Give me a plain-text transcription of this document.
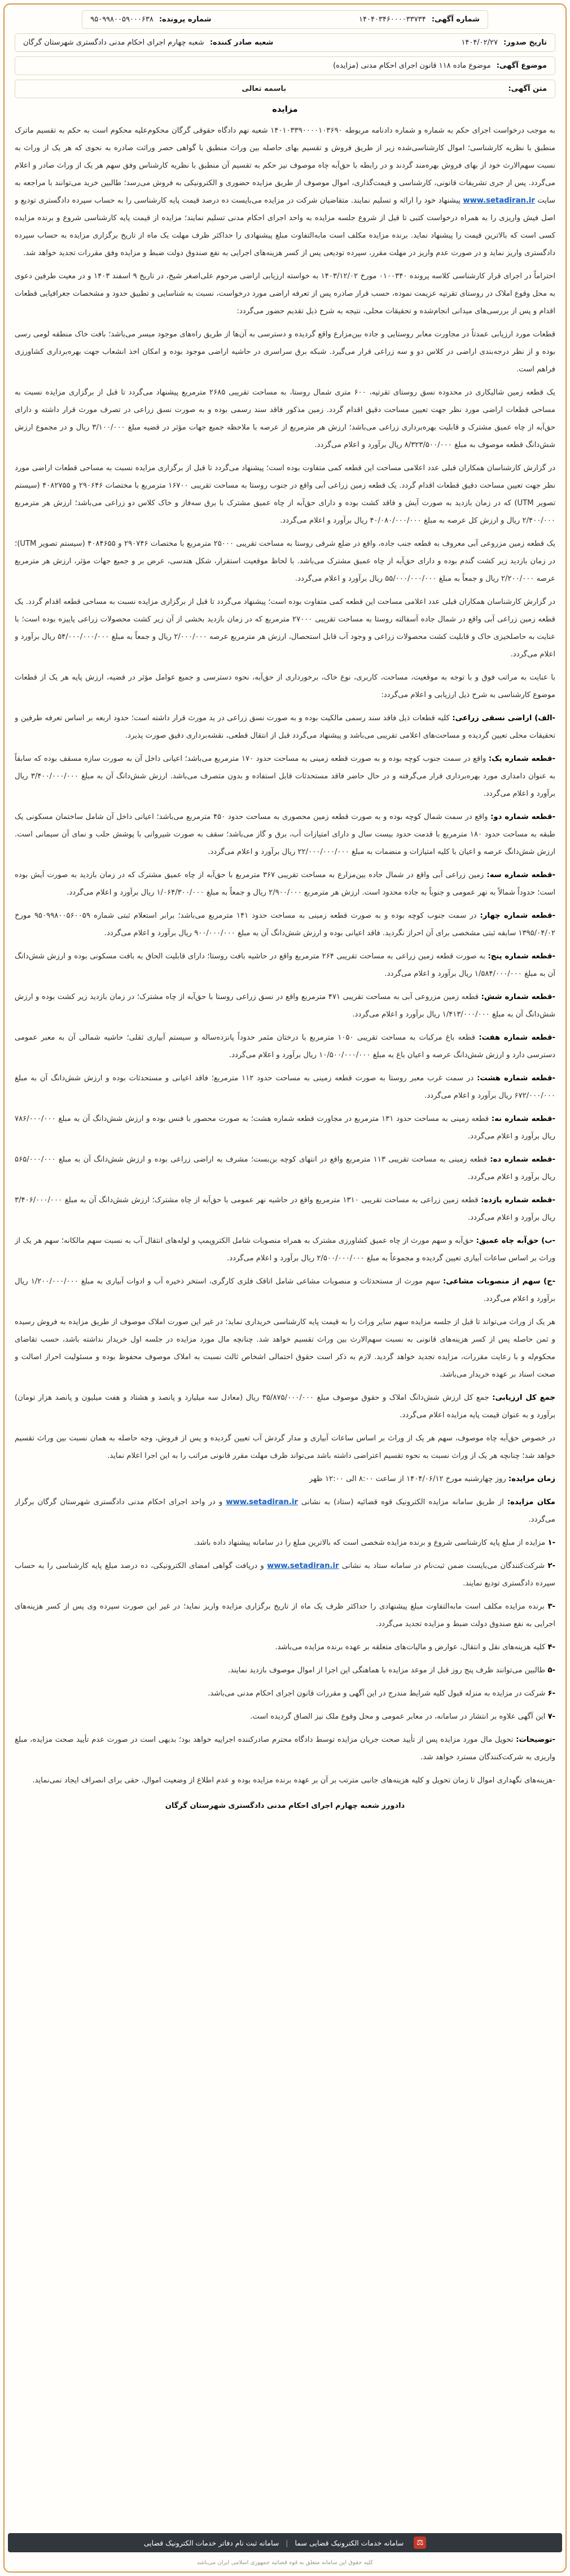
شماره آگهی: ۱۴۰۴۰۳۴۶۰۰۰۰۳۳۷۳۴
شماره پرونده: ۹۵۰۹۹۸۰۰۵۹۰۰۰۶۳۸
تاریخ صدور: ۱۴۰۴/۰۲/۲۷
شعبه صادر کننده: شعبه چهارم اجرای احکام مدنی دادگستری شهرستان گرگان
موضوع آگهی: موضوع ماده ۱۱۸ قانون اجرای احکام مدنی (مزایده)
متن آگهی:
باسمه تعالی
مزایده

به موجب درخواست اجرای حکم به شماره و شماره دادنامه مربوطه ۱۴۰۱۰۳۳۹۰۰۰۰۱۰۳۶۹۰ شعبه نهم دادگاه حقوقی گرگان محکوم‌علیه محکوم است به حکم به تقسیم ماترک منطبق با نظریه کارشناسی؛ اموال کارشناسی‌شده زیر از طریق فروش و تقسیم بهای حاصله بین وراث منطبق با گواهی حصر وراثت صادره به نحوی که هر یک از وراث به نسبت سهم‌الارث خود از بهای فروش بهره‌مند گردند و در رابطه با حق‌آبه چاه موصوف نیز حکم به تقسیم آن منطبق با نظریه کارشناس وفق سهم هر یک از وراث صادر و اعلام می‌گردد. پس از جری تشریفات قانونی، کارشناسی و قیمت‌گذاری، اموال موصوف از طریق مزایده حضوری و الکترونیکی به فروش می‌رسد؛ طالبین خرید می‌توانند با مراجعه به سایت www.setadiran.ir پیشنهاد خود را ارائه و تسلیم نمایند. متقاضیان شرکت در مزایده می‌بایست ده درصد قیمت پایه کارشناسی را به حساب سپرده دادگستری تودیع و اصل فیش واریزی را به همراه درخواست کتبی تا قبل از شروع جلسه مزایده به واحد اجرای احکام مدنی تسلیم نمایند؛ مزایده از قیمت پایه کارشناسی شروع و برنده مزایده کسی است که بالاترین قیمت را پیشنهاد نماید. برنده مزایده مکلف است مابه‌التفاوت مبلغ پیشنهادی را حداکثر ظرف مهلت یک ماه از تاریخ برگزاری مزایده به حساب سپرده دادگستری واریز نماید و در صورت عدم واریز در مهلت مقرر، سپرده تودیعی پس از کسر هزینه‌های اجرایی به نفع صندوق دولت ضبط و مزایده وفق مقررات تجدید خواهد شد.

احتراماً در اجرای قرار کارشناسی کلاسه پرونده ۰۱۰۰۳۴۰ مورخ ۱۴۰۳/۱۲/۰۲ به خواسته ارزیابی اراضی مرحوم علی‌اصغر شیخ، در تاریخ ۹ اسفند ۱۴۰۳ و در معیت طرفین دعوی به محل وقوع املاک در روستای تقرتپه عزیمت نموده، حسب قرار صادره پس از تعرفه اراضی مورد درخواست، نسبت به شناسایی و تطبیق حدود و مشخصات جغرافیایی قطعات اقدام و پس از بررسی‌های میدانی انجام‌شده و تحقیقات محلی، نتیجه به شرح ذیل تقدیم حضور می‌گردد:

قطعات مورد ارزیابی عمدتاً در مجاورت معابر روستایی و جاده بین‌مزارع واقع گردیده و دسترسی به آن‌ها از طریق راه‌های موجود میسر می‌باشد؛ بافت خاک منطقه لومی رسی بوده و از نظر درجه‌بندی اراضی در کلاس دو و سه زراعی قرار می‌گیرد. شبکه برق سراسری در حاشیه اراضی موجود بوده و امکان اخذ انشعاب جهت بهره‌برداری کشاورزی فراهم است.

یک قطعه زمین شالیکاری در محدوده نسق روستای تقرتپه، ۶۰۰ متری شمال روستا، به مساحت تقریبی ۲۶۸۵ مترمربع پیشنهاد می‌گردد تا قبل از برگزاری مزایده نسبت به مساحی قطعات اراضی مورد نظر جهت تعیین مساحت دقیق اقدام گردد. زمین مذکور فاقد سند رسمی بوده و به صورت نسق زراعی در تصرف مورث قرار داشته و دارای حق‌آبه از چاه عمیق مشترک و قابلیت بهره‌برداری زراعی می‌باشد؛ ارزش هر مترمربع از عرصه با ملاحظه جمیع جهات مؤثر در قضیه مبلغ ۳/۱۰۰/۰۰۰ ریال و در مجموع ارزش شش‌دانگ قطعه موصوف به مبلغ ۸/۳۲۳/۵۰۰/۰۰۰ ریال برآورد و اعلام می‌گردد.

در گزارش کارشناسان همکاران قبلی عدد اعلامی مساحت این قطعه کمی متفاوت بوده است؛ پیشنهاد می‌گردد تا قبل از برگزاری مزایده نسبت به مساحی قطعات اراضی مورد نظر جهت تعیین مساحت دقیق قطعات اقدام گردد. یک قطعه زمین زراعی آبی واقع در جنوب روستا به مساحت تقریبی ۱۶۷۰۰ مترمربع با مختصات ۲۹۰۶۴۶ و ۴۰۸۲۷۵۵ (سیستم تصویر UTM) که در زمان بازدید به صورت آیش و فاقد کشت بوده و دارای حق‌آبه از چاه عمیق مشترک با برق سه‌فاز و خاک کلاس دو زراعی می‌باشد؛ ارزش هر مترمربع ۲/۴۰۰/۰۰۰ ریال و ارزش کل عرصه به مبلغ ۴۰/۰۸۰/۰۰۰/۰۰۰ ریال برآورد و اعلام می‌گردد.

یک قطعه زمین مزروعی آبی معروف به قطعه جنب جاده، واقع در ضلع شرقی روستا به مساحت تقریبی ۲۵۰۰۰ مترمربع با مختصات ۲۹۰۷۴۶ و ۴۰۸۴۶۵۵ (سیستم تصویر UTM)؛ در زمان بازدید زیر کشت گندم بوده و دارای حق‌آبه از چاه عمیق مشترک می‌باشد. با لحاظ موقعیت استقرار، شکل هندسی، عرض بر و جمیع جهات مؤثر، ارزش هر مترمربع عرصه ۲/۲۰۰/۰۰۰ ریال و جمعاً به مبلغ ۵۵/۰۰۰/۰۰۰/۰۰۰ ریال برآورد و اعلام می‌گردد.

در گزارش کارشناسان همکاران قبلی عدد اعلامی مساحت این قطعه کمی متفاوت بوده است؛ پیشنهاد می‌گردد تا قبل از برگزاری مزایده نسبت به مساحی قطعه اقدام گردد. یک قطعه زمین زراعی آبی واقع در شمال جاده آسفالته روستا به مساحت تقریبی ۲۷۰۰۰ مترمربع که در زمان بازدید بخشی از آن زیر کشت محصولات زراعی پاییزه بوده است؛ با عنایت به حاصلخیزی خاک و قابلیت کشت محصولات زراعی و وجود آب قابل استحصال، ارزش هر مترمربع عرصه ۲/۰۰۰/۰۰۰ ریال و جمعاً به مبلغ ۵۴/۰۰۰/۰۰۰/۰۰۰ ریال برآورد و اعلام می‌گردد.

با عنایت به مراتب فوق و با توجه به موقعیت، مساحت، کاربری، نوع خاک، برخورداری از حق‌آبه، نحوه دسترسی و جمیع عوامل مؤثر در قضیه، ارزش پایه هر یک از قطعات موضوع کارشناسی به شرح ذیل ارزیابی و اعلام می‌گردد:

-الف) اراضی نسقی زراعی: کلیه قطعات ذیل فاقد سند رسمی مالکیت بوده و به صورت نسق زراعی در ید مورث قرار داشته است؛ حدود اربعه بر اساس تعرفه طرفین و تحقیقات محلی تعیین گردیده و مساحت‌های اعلامی تقریبی می‌باشد و پیشنهاد می‌گردد قبل از انتقال قطعی، نقشه‌برداری دقیق صورت پذیرد.

-قطعه شماره یک: واقع در سمت جنوب کوچه بوده و به صورت قطعه زمینی به مساحت حدود ۱۷۰ مترمربع می‌باشد؛ اعیانی داخل آن به صورت سازه مسقف بوده که سابقاً به عنوان دامداری مورد بهره‌برداری قرار می‌گرفته و در حال حاضر فاقد مستحدثات قابل استفاده و بدون متصرف می‌باشد. ارزش شش‌دانگ آن به مبلغ ۳/۴۰۰/۰۰۰/۰۰۰ ریال برآورد و اعلام می‌گردد.

-قطعه شماره دو: واقع در سمت شمال کوچه بوده و به صورت قطعه زمین محصوری به مساحت حدود ۴۵۰ مترمربع می‌باشد؛ اعیانی داخل آن شامل ساختمان مسکونی یک طبقه به مساحت حدود ۱۸۰ مترمربع با قدمت حدود بیست سال و دارای امتیازات آب، برق و گاز می‌باشد؛ سقف به صورت شیروانی با پوشش حلب و نمای آن سیمانی است. ارزش شش‌دانگ عرصه و اعیان با کلیه امتیازات و منضمات به مبلغ ۲۲/۰۰۰/۰۰۰/۰۰۰ ریال برآورد و اعلام می‌گردد.

-قطعه شماره سه: زمین زراعی آبی واقع در شمال جاده بین‌مزارع به مساحت تقریبی ۳۶۷ مترمربع با حق‌آبه از چاه عمیق مشترک که در زمان بازدید به صورت آیش بوده است؛ حدوداً شمالاً به نهر عمومی و جنوباً به جاده محدود است. ارزش هر مترمربع ۲/۹۰۰/۰۰۰ ریال و جمعاً به مبلغ ۱/۰۶۴/۳۰۰/۰۰۰ ریال برآورد و اعلام می‌گردد.

-قطعه شماره چهار: در سمت جنوب کوچه بوده و به صورت قطعه زمینی به مساحت حدود ۱۴۱ مترمربع می‌باشد؛ برابر استعلام ثبتی شماره ۹۵۰۹۹۸۰۰۵۶۰۰۵۹ مورخ ۱۳۹۵/۰۴/۰۲ سابقه ثبتی مشخصی برای آن احراز نگردید. فاقد اعیانی بوده و ارزش شش‌دانگ آن به مبلغ ۹۰۰/۰۰۰/۰۰۰ ریال برآورد و اعلام می‌گردد.

-قطعه شماره پنج: به صورت قطعه زمین زراعی به مساحت تقریبی ۲۶۴ مترمربع واقع در حاشیه بافت روستا؛ دارای قابلیت الحاق به بافت مسکونی بوده و ارزش شش‌دانگ آن به مبلغ ۱/۵۸۴/۰۰۰/۰۰۰ ریال برآورد و اعلام می‌گردد.

-قطعه شماره شش: قطعه زمین مزروعی آبی به مساحت تقریبی ۴۷۱ مترمربع واقع در نسق زراعی روستا با حق‌آبه از چاه مشترک؛ در زمان بازدید زیر کشت بوده و ارزش شش‌دانگ آن به مبلغ ۱/۴۱۳/۰۰۰/۰۰۰ ریال برآورد و اعلام می‌گردد.

-قطعه شماره هفت: قطعه باغ مرکبات به مساحت تقریبی ۱۰۵۰ مترمربع با درختان مثمر حدوداً پانزده‌ساله و سیستم آبیاری ثقلی؛ حاشیه شمالی آن به معبر عمومی دسترسی دارد و ارزش شش‌دانگ عرصه و اعیان باغ به مبلغ ۱۰/۵۰۰/۰۰۰/۰۰۰ ریال برآورد و اعلام می‌گردد.

-قطعه شماره هشت: در سمت غرب معبر روستا به صورت قطعه زمینی به مساحت حدود ۱۱۲ مترمربع؛ فاقد اعیانی و مستحدثات بوده و ارزش شش‌دانگ آن به مبلغ ۶۷۲/۰۰۰/۰۰۰ ریال برآورد و اعلام می‌گردد.

-قطعه شماره نه: قطعه زمینی به مساحت حدود ۱۳۱ مترمربع در مجاورت قطعه شماره هشت؛ به صورت محصور با فنس بوده و ارزش شش‌دانگ آن به مبلغ ۷۸۶/۰۰۰/۰۰۰ ریال برآورد و اعلام می‌گردد.

-قطعه شماره ده: قطعه زمینی به مساحت تقریبی ۱۱۳ مترمربع واقع در انتهای کوچه بن‌بست؛ مشرف به اراضی زراعی بوده و ارزش شش‌دانگ آن به مبلغ ۵۶۵/۰۰۰/۰۰۰ ریال برآورد و اعلام می‌گردد.

-قطعه شماره یازده: قطعه زمین زراعی به مساحت تقریبی ۱۳۱۰ مترمربع واقع در حاشیه نهر عمومی با حق‌آبه از چاه مشترک؛ ارزش شش‌دانگ آن به مبلغ ۳/۴۰۶/۰۰۰/۰۰۰ ریال برآورد و اعلام می‌گردد.

-ب) حق‌آبه چاه عمیق: حق‌آبه و سهم مورث از چاه عمیق کشاورزی مشترک به همراه منصوبات شامل الکتروپمپ و لوله‌های انتقال آب به نسبت سهم مالکانه؛ سهم هر یک از وراث بر اساس ساعات آبیاری تعیین گردیده و مجموعاً به مبلغ ۲/۵۰۰/۰۰۰/۰۰۰ ریال برآورد و اعلام می‌گردد.

-ج) سهم از منصوبات مشاعی: سهم مورث از مستحدثات و منصوبات مشاعی شامل اتاقک فلزی کارگری، استخر ذخیره آب و ادوات آبیاری به مبلغ ۱/۲۰۰/۰۰۰/۰۰۰ ریال برآورد و اعلام می‌گردد.

هر یک از وراث می‌تواند تا قبل از جلسه مزایده سهم سایر وراث را به قیمت پایه کارشناسی خریداری نماید؛ در غیر این صورت املاک موصوف از طریق مزایده به فروش رسیده و ثمن حاصله پس از کسر هزینه‌های قانونی به نسبت سهم‌الارث بین وراث تقسیم خواهد شد. چنانچه مال مورد مزایده در جلسه اول خریدار نداشته باشد، حسب تقاضای محکوم‌له و با رعایت مقررات، مزایده تجدید خواهد گردید. لازم به ذکر است حقوق احتمالی اشخاص ثالث نسبت به املاک موصوف محفوظ بوده و مسئولیت احراز اصالت و صحت اسناد بر عهده خریدار می‌باشد.

جمع کل ارزیابی: جمع کل ارزش شش‌دانگ املاک و حقوق موصوف مبلغ ۳۵/۸۷۵/۰۰۰/۰۰۰ ریال (معادل سه میلیارد و پانصد و هشتاد و هفت میلیون و پانصد هزار تومان) برآورد و به عنوان قیمت پایه مزایده اعلام می‌گردد.

در خصوص حق‌آبه چاه موصوف، سهم هر یک از وراث بر اساس ساعات آبیاری و مدار گردش آب تعیین گردیده و پس از فروش، وجه حاصله به همان نسبت بین وراث تقسیم خواهد شد؛ چنانچه هر یک از وراث نسبت به نحوه تقسیم اعتراضی داشته باشد می‌تواند ظرف مهلت مقرر قانونی مراتب را به این اجرا اعلام نماید.

زمان مزایده: روز چهارشنبه مورخ ۱۴۰۴/۰۶/۱۲ از ساعت ۸:۰۰ الی ۱۲:۰۰ ظهر

مکان مزایده: از طریق سامانه مزایده الکترونیک قوه قضائیه (ستاد) به نشانی www.setadiran.ir و در واحد اجرای احکام مدنی دادگستری شهرستان گرگان برگزار می‌گردد.

-۱ مزایده از مبلغ پایه کارشناسی شروع و برنده مزایده شخصی است که بالاترین مبلغ را در سامانه پیشنهاد داده باشد.

-۲ شرکت‌کنندگان می‌بایست ضمن ثبت‌نام در سامانه ستاد به نشانی www.setadiran.ir و دریافت گواهی امضای الکترونیکی، ده درصد مبلغ پایه کارشناسی را به حساب سپرده دادگستری تودیع نمایند.

-۳ برنده مزایده مکلف است مابه‌التفاوت مبلغ پیشنهادی را حداکثر ظرف یک ماه از تاریخ برگزاری مزایده واریز نماید؛ در غیر این صورت سپرده وی پس از کسر هزینه‌های اجرایی به نفع صندوق دولت ضبط و مزایده تجدید می‌گردد.

-۴ کلیه هزینه‌های نقل و انتقال، عوارض و مالیات‌های متعلقه بر عهده برنده مزایده می‌باشد.

-۵ طالبین می‌توانند ظرف پنج روز قبل از موعد مزایده با هماهنگی این اجرا از اموال موصوف بازدید نمایند.

-۶ شرکت در مزایده به منزله قبول کلیه شرایط مندرج در این آگهی و مقررات قانون اجرای احکام مدنی می‌باشد.

-۷ این آگهی علاوه بر انتشار در سامانه، در معابر عمومی و محل وقوع ملک نیز الصاق گردیده است.

-توضیحات: تحویل مال مورد مزایده پس از تأیید صحت جریان مزایده توسط دادگاه محترم صادرکننده اجراییه خواهد بود؛ بدیهی است در صورت عدم تأیید صحت مزایده، مبلغ واریزی به شرکت‌کنندگان مسترد خواهد شد.

-هزینه‌های نگهداری اموال تا زمان تحویل و کلیه هزینه‌های جانبی مترتب بر آن بر عهده برنده مزایده بوده و عدم اطلاع از وضعیت اموال، حقی برای انصراف ایجاد نمی‌نماید.

دادورز شعبه چهارم اجرای احکام مدنی دادگستری شهرستان گرگان

⚖
سامانه خدمات الکترونیک قضایی سما
|
سامانه ثبت نام دفاتر خدمات الکترونیک قضایی
کلیه حقوق این سامانه متعلق به قوه قضائیه جمهوری اسلامی ایران می‌باشد
